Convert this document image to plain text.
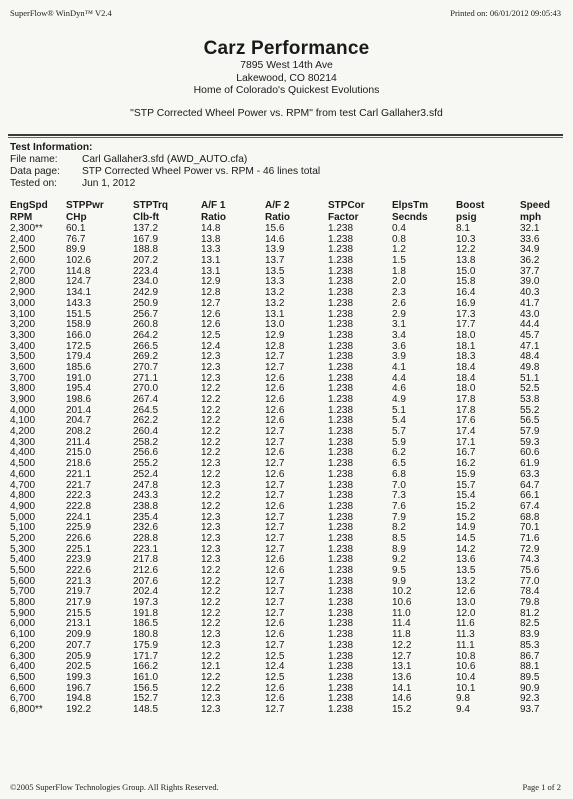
SuperFlow® WinDyn™ V2.4	Printed on: 06/01/2012 09:05:43
Carz Performance
7895 West 14th Ave
Lakewood, CO 80214
Home of Colorado's Quickest Evolutions
"STP Corrected Wheel Power vs. RPM" from test Carl Gallaher3.sfd
Test Information:
File name:	Carl Gallaher3.sfd (AWD_AUTO.cfa)
Data page:	STP Corrected Wheel Power vs. RPM - 46 lines total
Tested on:	Jun 1, 2012
EngSpd	STPPwr	STPTrq	A/F 1	A/F 2	STPCor	ElpsTm	Boost	Speed
RPM	CHp	Clb-ft	Ratio	Ratio	Factor	Secnds	psig	mph
2,300**	60.1	137.2	14.8	15.6	1.238	0.4	8.1	32.1
2,400	76.7	167.9	13.8	14.6	1.238	0.8	10.3	33.6
2,500	89.9	188.8	13.3	13.9	1.238	1.2	12.2	34.9
2,600	102.6	207.2	13.1	13.7	1.238	1.5	13.8	36.2
2,700	114.8	223.4	13.1	13.5	1.238	1.8	15.0	37.7
2,800	124.7	234.0	12.9	13.3	1.238	2.0	15.8	39.0
2,900	134.1	242.9	12.8	13.2	1.238	2.3	16.4	40.3
3,000	143.3	250.9	12.7	13.2	1.238	2.6	16.9	41.7
3,100	151.5	256.7	12.6	13.1	1.238	2.9	17.3	43.0
3,200	158.9	260.8	12.6	13.0	1.238	3.1	17.7	44.4
3,300	166.0	264.2	12.5	12.9	1.238	3.4	18.0	45.7
3,400	172.5	266.5	12.4	12.8	1.238	3.6	18.1	47.1
3,500	179.4	269.2	12.3	12.7	1.238	3.9	18.3	48.4
3,600	185.6	270.7	12.3	12.7	1.238	4.1	18.4	49.8
3,700	191.0	271.1	12.3	12.6	1.238	4.4	18.4	51.1
3,800	195.4	270.0	12.2	12.6	1.238	4.6	18.0	52.5
3,900	198.6	267.4	12.2	12.6	1.238	4.9	17.8	53.8
4,000	201.4	264.5	12.2	12.6	1.238	5.1	17.8	55.2
4,100	204.7	262.2	12.2	12.6	1.238	5.4	17.6	56.5
4,200	208.2	260.4	12.2	12.7	1.238	5.7	17.4	57.9
4,300	211.4	258.2	12.2	12.7	1.238	5.9	17.1	59.3
4,400	215.0	256.6	12.2	12.6	1.238	6.2	16.7	60.6
4,500	218.6	255.2	12.3	12.7	1.238	6.5	16.2	61.9
4,600	221.1	252.4	12.2	12.6	1.238	6.8	15.9	63.3
4,700	221.7	247.8	12.3	12.7	1.238	7.0	15.7	64.7
4,800	222.3	243.3	12.2	12.7	1.238	7.3	15.4	66.1
4,900	222.8	238.8	12.2	12.6	1.238	7.6	15.2	67.4
5,000	224.1	235.4	12.3	12.7	1.238	7.9	15.2	68.8
5,100	225.9	232.6	12.3	12.7	1.238	8.2	14.9	70.1
5,200	226.6	228.8	12.3	12.7	1.238	8.5	14.5	71.6
5,300	225.1	223.1	12.3	12.7	1.238	8.9	14.2	72.9
5,400	223.9	217.8	12.3	12.6	1.238	9.2	13.6	74.3
5,500	222.6	212.6	12.2	12.6	1.238	9.5	13.5	75.6
5,600	221.3	207.6	12.2	12.7	1.238	9.9	13.2	77.0
5,700	219.7	202.4	12.2	12.7	1.238	10.2	12.6	78.4
5,800	217.9	197.3	12.2	12.7	1.238	10.6	13.0	79.8
5,900	215.5	191.8	12.2	12.7	1.238	11.0	12.0	81.2
6,000	213.1	186.5	12.2	12.6	1.238	11.4	11.6	82.5
6,100	209.9	180.8	12.3	12.6	1.238	11.8	11.3	83.9
6,200	207.7	175.9	12.3	12.7	1.238	12.2	11.1	85.3
6,300	205.9	171.7	12.2	12.5	1.238	12.7	10.8	86.7
6,400	202.5	166.2	12.1	12.4	1.238	13.1	10.6	88.1
6,500	199.3	161.0	12.2	12.5	1.238	13.6	10.4	89.5
6,600	196.7	156.5	12.2	12.6	1.238	14.1	10.1	90.9
6,700	194.8	152.7	12.3	12.6	1.238	14.6	9.8	92.3
6,800**	192.2	148.5	12.3	12.7	1.238	15.2	9.4	93.7
©2005 SuperFlow Technologies Group. All Rights Reserved.	Page 1 of 2
